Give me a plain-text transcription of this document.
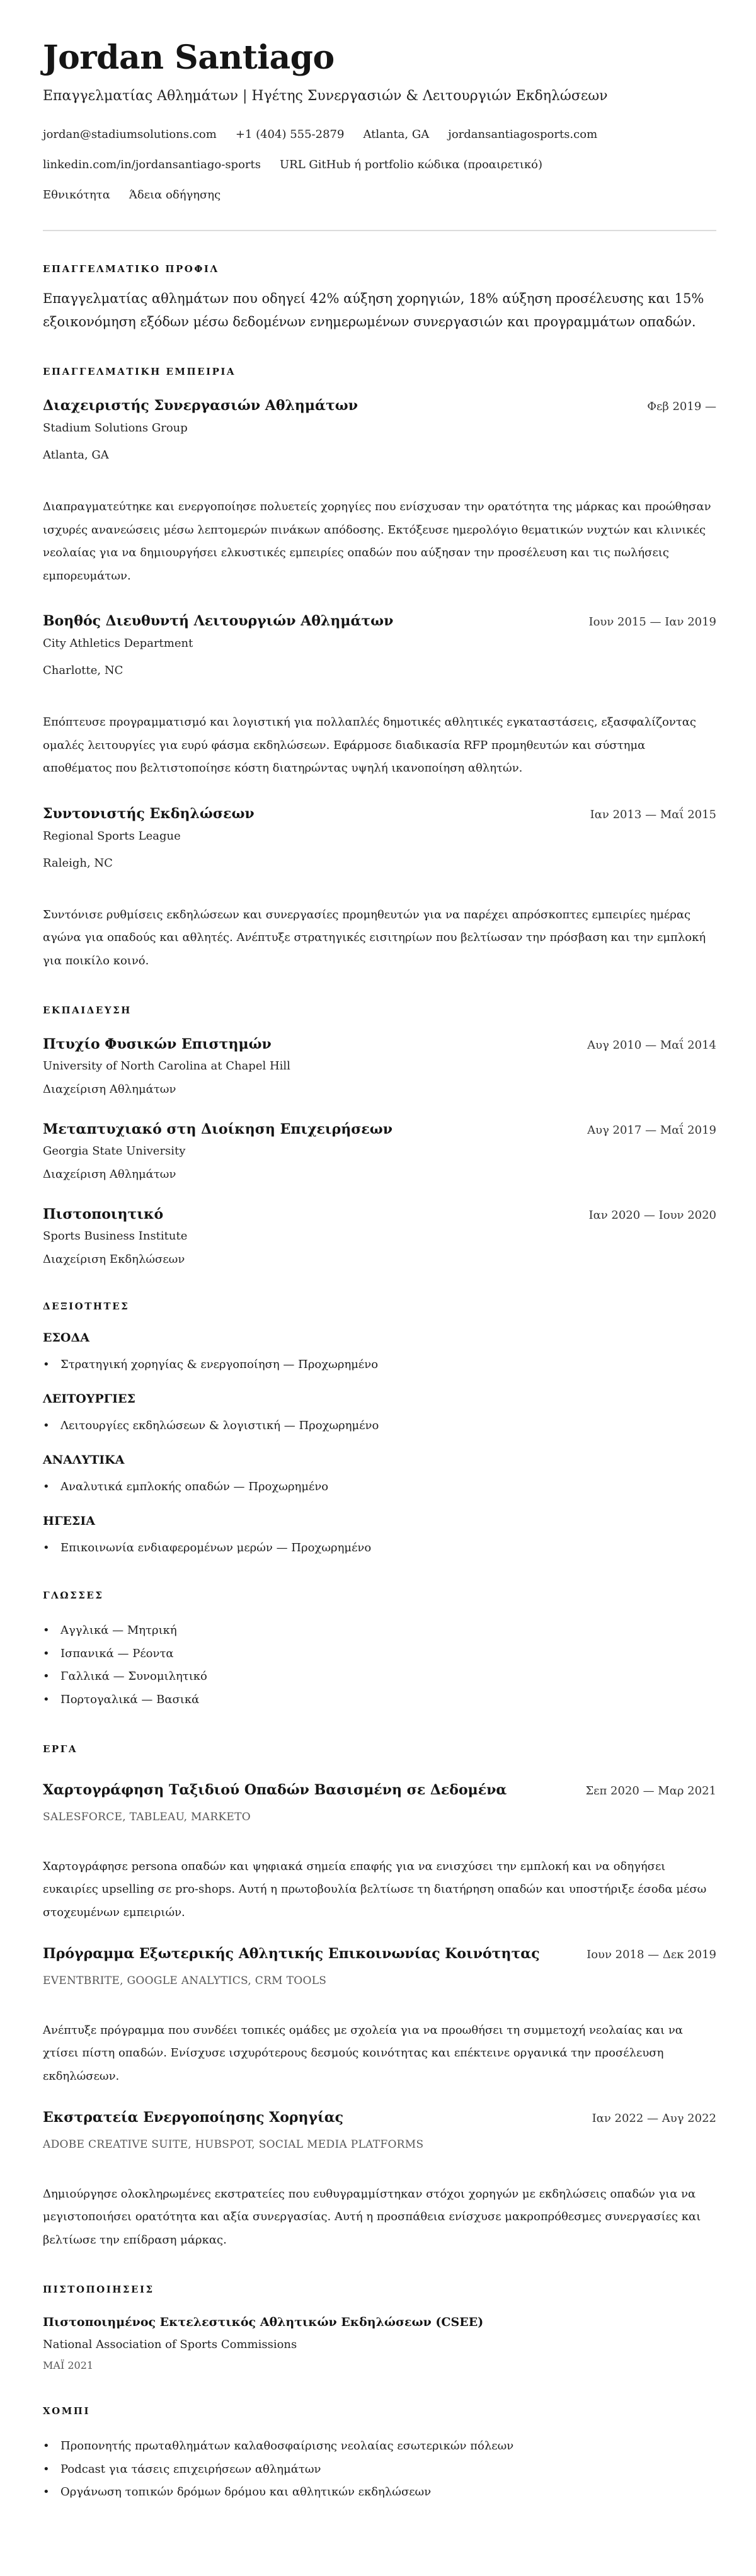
Jordan Santiago
Επαγγελματίας Αθλημάτων | Ηγέτης Συνεργασιών & Λειτουργιών Εκδηλώσεων
jordan@stadiumsolutions.com +1 (404) 555-2879 Atlanta, GA jordansantiagosports.com
linkedin.com/in/jordansantiago-sports URL GitHub ή portfolio κώδικα (προαιρετικό)
Εθνικότητα Άδεια οδήγησης
ΕΠΑΓΓΕΛΜΑΤΙΚΟ ΠΡΟΦΙΛ
Επαγγελματίας αθλημάτων που οδηγεί 42% αύξηση χορηγιών, 18% αύξηση προσέλευσης και 15% εξοικονόμηση εξόδων μέσω δεδομένων ενημερωμένων συνεργασιών και προγραμμάτων οπαδών.
ΕΠΑΓΓΕΛΜΑΤΙΚΗ ΕΜΠΕΙΡΙΑ
Διαχειριστής Συνεργασιών Αθλημάτων	Φεβ 2019 —
Stadium Solutions Group
Atlanta, GA
Διαπραγματεύτηκε και ενεργοποίησε πολυετείς χορηγίες που ενίσχυσαν την ορατότητα της μάρκας και προώθησαν ισχυρές ανανεώσεις μέσω λεπτομερών πινάκων απόδοσης. Εκτόξευσε ημερολόγιο θεματικών νυχτών και κλινικές νεολαίας για να δημιουργήσει ελκυστικές εμπειρίες οπαδών που αύξησαν την προσέλευση και τις πωλήσεις εμπορευμάτων.
Βοηθός Διευθυντή Λειτουργιών Αθλημάτων	Ιουν 2015 — Ιαν 2019
City Athletics Department
Charlotte, NC
Επόπτευσε προγραμματισμό και λογιστική για πολλαπλές δημοτικές αθλητικές εγκαταστάσεις, εξασφαλίζοντας ομαλές λειτουργίες για ευρύ φάσμα εκδηλώσεων. Εφάρμοσε διαδικασία RFP προμηθευτών και σύστημα αποθέματος που βελτιστοποίησε κόστη διατηρώντας υψηλή ικανοποίηση αθλητών.
Συντονιστής Εκδηλώσεων	Ιαν 2013 — Μαΐ 2015
Regional Sports League
Raleigh, NC
Συντόνισε ρυθμίσεις εκδηλώσεων και συνεργασίες προμηθευτών για να παρέχει απρόσκοπτες εμπειρίες ημέρας αγώνα για οπαδούς και αθλητές. Ανέπτυξε στρατηγικές εισιτηρίων που βελτίωσαν την πρόσβαση και την εμπλοκή για ποικίλο κοινό.
ΕΚΠΑΙΔΕΥΣΗ
Πτυχίο Φυσικών Επιστημών	Αυγ 2010 — Μαΐ 2014
University of North Carolina at Chapel Hill
Διαχείριση Αθλημάτων
Μεταπτυχιακό στη Διοίκηση Επιχειρήσεων	Αυγ 2017 — Μαΐ 2019
Georgia State University
Διαχείριση Αθλημάτων
Πιστοποιητικό	Ιαν 2020 — Ιουν 2020
Sports Business Institute
Διαχείριση Εκδηλώσεων
ΔΕΞΙΟΤΗΤΕΣ
ΕΣΟΔΑ
• Στρατηγική χορηγίας & ενεργοποίηση — Προχωρημένο
ΛΕΙΤΟΥΡΓΙΕΣ
• Λειτουργίες εκδηλώσεων & λογιστική — Προχωρημένο
ΑΝΑΛΥΤΙΚΑ
• Αναλυτικά εμπλοκής οπαδών — Προχωρημένο
ΗΓΕΣΙΑ
• Επικοινωνία ενδιαφερομένων μερών — Προχωρημένο
ΓΛΩΣΣΕΣ
• Αγγλικά — Μητρική
• Ισπανικά — Ρέοντα
• Γαλλικά — Συνομιλητικό
• Πορτογαλικά — Βασικά
ΕΡΓΑ
Χαρτογράφηση Ταξιδιού Οπαδών Βασισμένη σε Δεδομένα	Σεπ 2020 — Μαρ 2021
SALESFORCE, TABLEAU, MARKETO
Χαρτογράφησε persona οπαδών και ψηφιακά σημεία επαφής για να ενισχύσει την εμπλοκή και να οδηγήσει ευκαιρίες upselling σε pro-shops. Αυτή η πρωτοβουλία βελτίωσε τη διατήρηση οπαδών και υποστήριξε έσοδα μέσω στοχευμένων εμπειριών.
Πρόγραμμα Εξωτερικής Αθλητικής Επικοινωνίας Κοινότητας	Ιουν 2018 — Δεκ 2019
EVENTBRITE, GOOGLE ANALYTICS, CRM TOOLS
Ανέπτυξε πρόγραμμα που συνδέει τοπικές ομάδες με σχολεία για να προωθήσει τη συμμετοχή νεολαίας και να χτίσει πίστη οπαδών. Ενίσχυσε ισχυρότερους δεσμούς κοινότητας και επέκτεινε οργανικά την προσέλευση εκδηλώσεων.
Εκστρατεία Ενεργοποίησης Χορηγίας	Ιαν 2022 — Αυγ 2022
ADOBE CREATIVE SUITE, HUBSPOT, SOCIAL MEDIA PLATFORMS
Δημιούργησε ολοκληρωμένες εκστρατείες που ευθυγραμμίστηκαν στόχοι χορηγών με εκδηλώσεις οπαδών για να μεγιστοποιήσει ορατότητα και αξία συνεργασίας. Αυτή η προσπάθεια ενίσχυσε μακροπρόθεσμες συνεργασίες και βελτίωσε την επίδραση μάρκας.
ΠΙΣΤΟΠΟΙΗΣΕΙΣ
Πιστοποιημένος Εκτελεστικός Αθλητικών Εκδηλώσεων (CSEE)
National Association of Sports Commissions
ΜΑΪ 2021
ΧΟΜΠΙ
• Προπονητής πρωταθλημάτων καλαθοσφαίρισης νεολαίας εσωτερικών πόλεων
• Podcast για τάσεις επιχειρήσεων αθλημάτων
• Οργάνωση τοπικών δρόμων δρόμου και αθλητικών εκδηλώσεων
